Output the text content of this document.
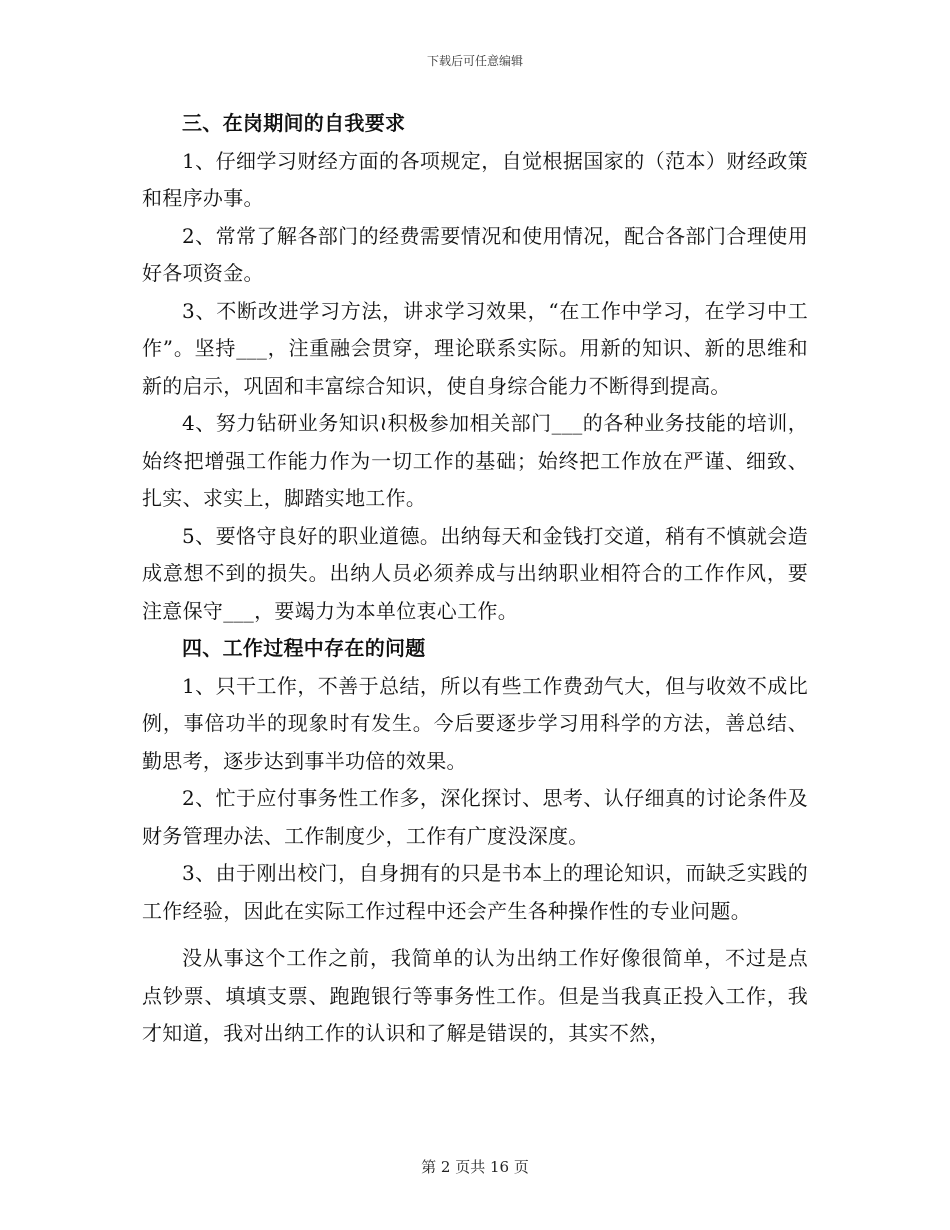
下载后可任意编辑

三、在岗期间的自我要求

1、仔细学习财经方面的各项规定，自觉根据国家的（范本）财经政策和程序办事。

2、常常了解各部门的经费需要情况和使用情况，配合各部门合理使用好各项资金。

3、不断改进学习方法，讲求学习效果，“在工作中学习，在学习中工作”。坚持___，注重融会贯穿，理论联系实际。用新的知识、新的思维和新的启示，巩固和丰富综合知识，使自身综合能力不断得到提高。

4、努力钻研业务知识≀积极参加相关部门___的各种业务技能的培训，始终把增强工作能力作为一切工作的基础；始终把工作放在严谨、细致、扎实、求实上，脚踏实地工作。

5、要恪守良好的职业道德。出纳每天和金钱打交道，稍有不慎就会造成意想不到的损失。出纳人员必须养成与出纳职业相符合的工作作风，要注意保守___，要竭力为本单位衷心工作。

四、工作过程中存在的问题

1、只干工作，不善于总结，所以有些工作费劲气大，但与收效不成比例，事倍功半的现象时有发生。今后要逐步学习用科学的方法，善总结、勤思考，逐步达到事半功倍的效果。

2、忙于应付事务性工作多，深化探讨、思考、认仔细真的讨论条件及财务管理办法、工作制度少，工作有广度没深度。

3、由于刚出校门，自身拥有的只是书本上的理论知识，而缺乏实践的工作经验，因此在实际工作过程中还会产生各种操作性的专业问题。

没从事这个工作之前，我简单的认为出纳工作好像很简单，不过是点点钞票、填填支票、跑跑银行等事务性工作。但是当我真正投入工作，我才知道，我对出纳工作的认识和了解是错误的，其实不然，

第 2 页共 16 页
